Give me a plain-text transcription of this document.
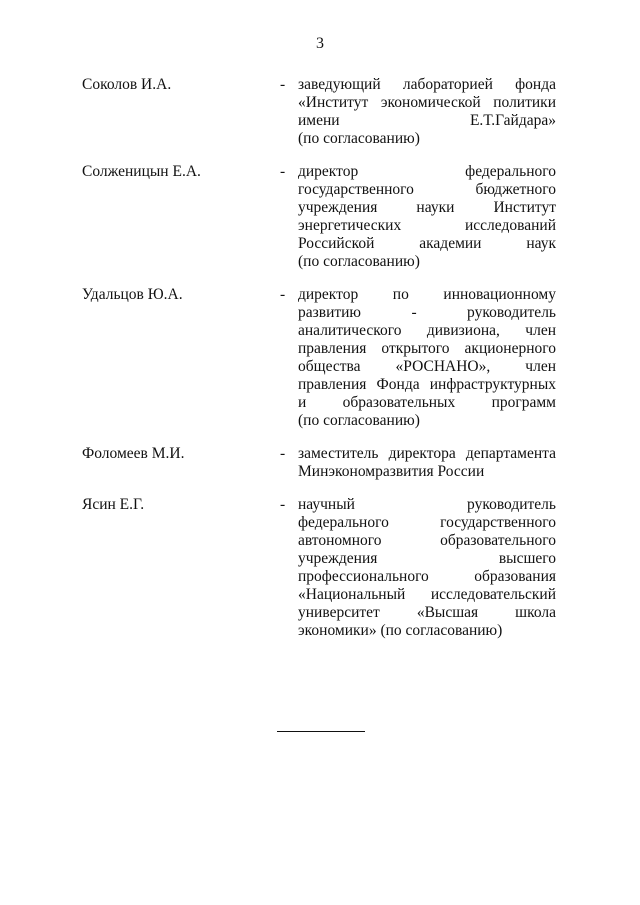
3
Соколов И.А.	- заведующий лабораторией фонда
«Институт экономической политики
имени Е.Т.Гайдара»
(по согласованию)
Солженицын Е.А.	- директор федерального
государственного бюджетного
учреждения науки Институт
энергетических исследований
Российской академии наук
(по согласованию)
Удальцов Ю.А.	- директор по инновационному
развитию - руководитель
аналитического дивизиона, член
правления открытого акционерного
общества «РОСНАНО», член
правления Фонда инфраструктурных
и образовательных программ
(по согласованию)
Фоломеев М.И.	- заместитель директора департамента
Минэкономразвития России
Ясин Е.Г.	- научный руководитель
федерального государственного
автономного образовательного
учреждения высшего
профессионального образования
«Национальный исследовательский
университет «Высшая школа
экономики» (по согласованию)
